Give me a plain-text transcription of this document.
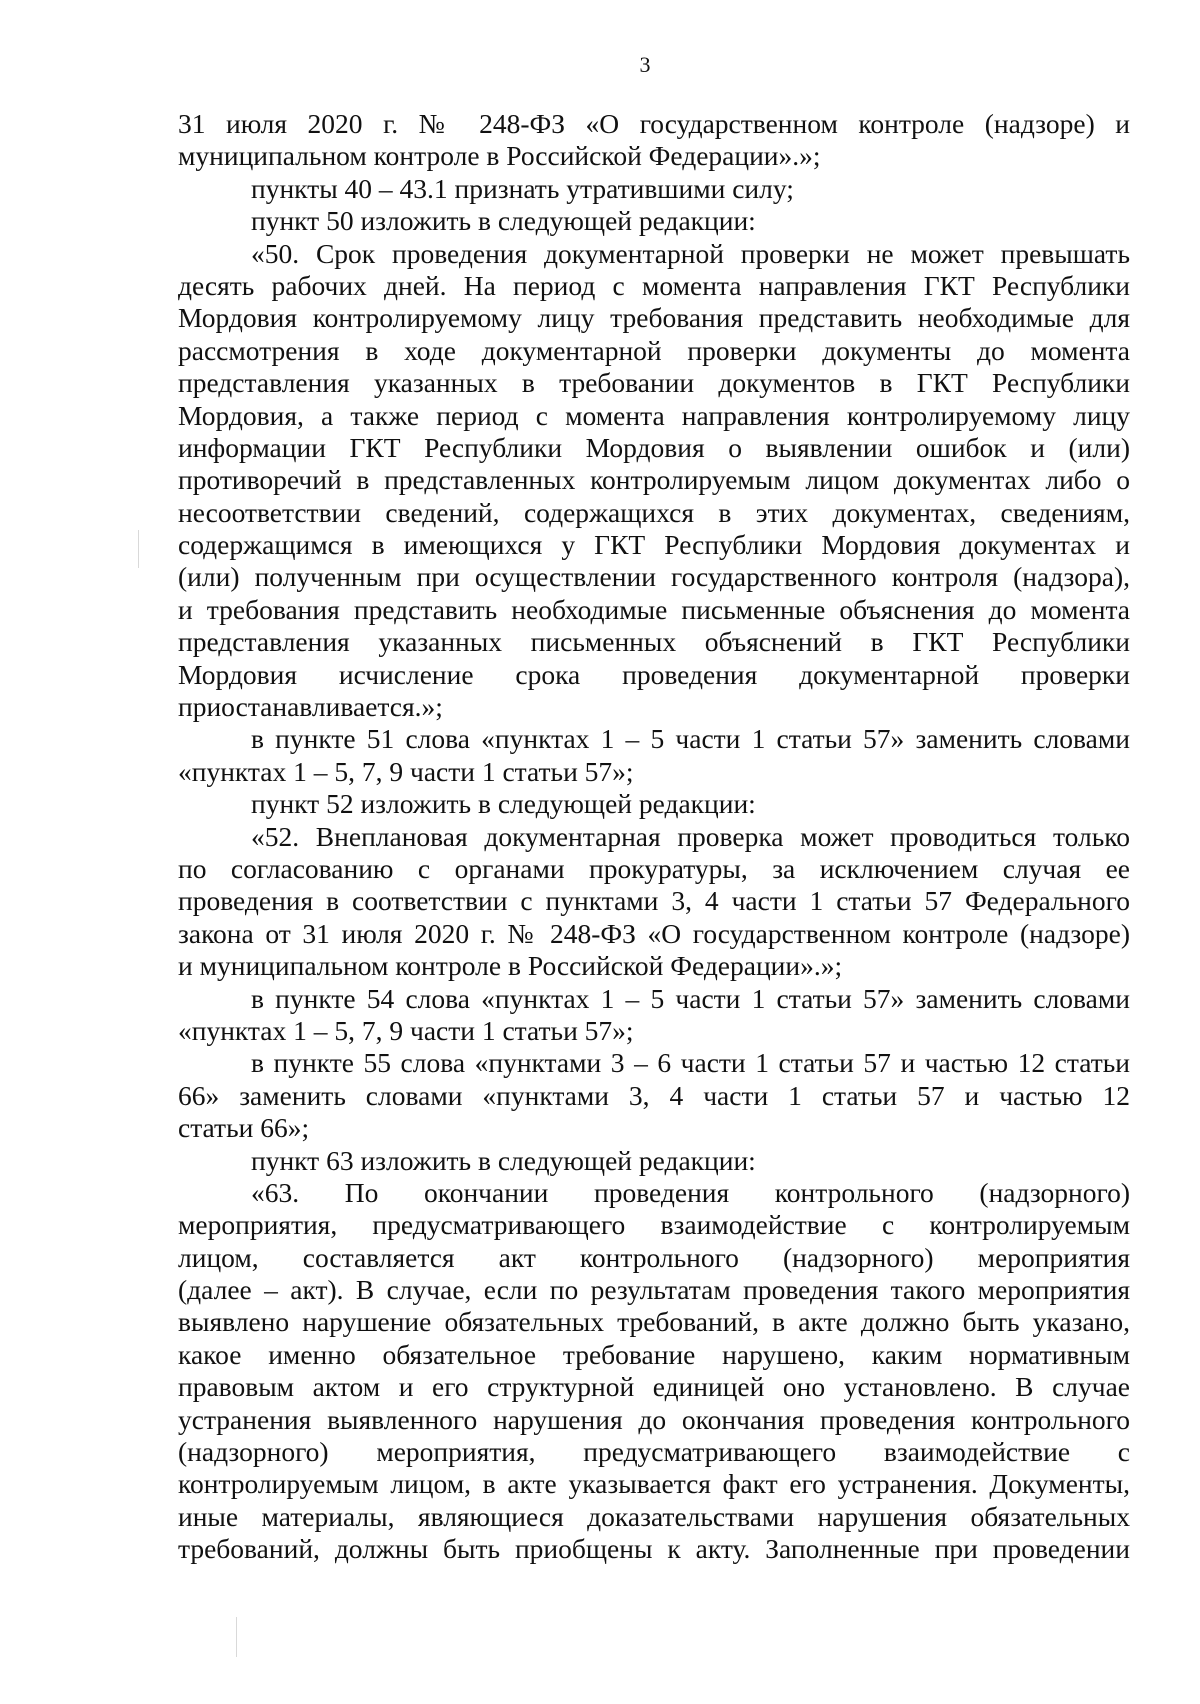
3
31 июля 2020 г. № 248-ФЗ «О государственном контроле (надзоре) и
муниципальном контроле в Российской Федерации».»;
пункты 40 – 43.1 признать утратившими силу;
пункт 50 изложить в следующей редакции:
«50. Срок проведения документарной проверки не может превышать
десять рабочих дней. На период с момента направления ГКТ Республики
Мордовия контролируемому лицу требования представить необходимые для
рассмотрения в ходе документарной проверки документы до момента
представления указанных в требовании документов в ГКТ Республики
Мордовия, а также период с момента направления контролируемому лицу
информации ГКТ Республики Мордовия о выявлении ошибок и (или)
противоречий в представленных контролируемым лицом документах либо о
несоответствии сведений, содержащихся в этих документах, сведениям,
содержащимся в имеющихся у ГКТ Республики Мордовия документах и
(или) полученным при осуществлении государственного контроля (надзора),
и требования представить необходимые письменные объяснения до момента
представления указанных письменных объяснений в ГКТ Республики
Мордовия исчисление срока проведения документарной проверки
приостанавливается.»;
в пункте 51 слова «пунктах 1 – 5 части 1 статьи 57» заменить словами
«пунктах 1 – 5, 7, 9 части 1 статьи 57»;
пункт 52 изложить в следующей редакции:
«52. Внеплановая документарная проверка может проводиться только
по согласованию с органами прокуратуры, за исключением случая ее
проведения в соответствии с пунктами 3, 4 части 1 статьи 57 Федерального
закона от 31 июля 2020 г. № 248-ФЗ «О государственном контроле (надзоре)
и муниципальном контроле в Российской Федерации».»;
в пункте 54 слова «пунктах 1 – 5 части 1 статьи 57» заменить словами
«пунктах 1 – 5, 7, 9 части 1 статьи 57»;
в пункте 55 слова «пунктами 3 – 6 части 1 статьи 57 и частью 12 статьи
66» заменить словами «пунктами 3, 4 части 1 статьи 57 и частью 12
статьи 66»;
пункт 63 изложить в следующей редакции:
«63. По окончании проведения контрольного (надзорного)
мероприятия, предусматривающего взаимодействие с контролируемым
лицом, составляется акт контрольного (надзорного) мероприятия
(далее – акт). В случае, если по результатам проведения такого мероприятия
выявлено нарушение обязательных требований, в акте должно быть указано,
какое именно обязательное требование нарушено, каким нормативным
правовым актом и его структурной единицей оно установлено. В случае
устранения выявленного нарушения до окончания проведения контрольного
(надзорного) мероприятия, предусматривающего взаимодействие с
контролируемым лицом, в акте указывается факт его устранения. Документы,
иные материалы, являющиеся доказательствами нарушения обязательных
требований, должны быть приобщены к акту. Заполненные при проведении
